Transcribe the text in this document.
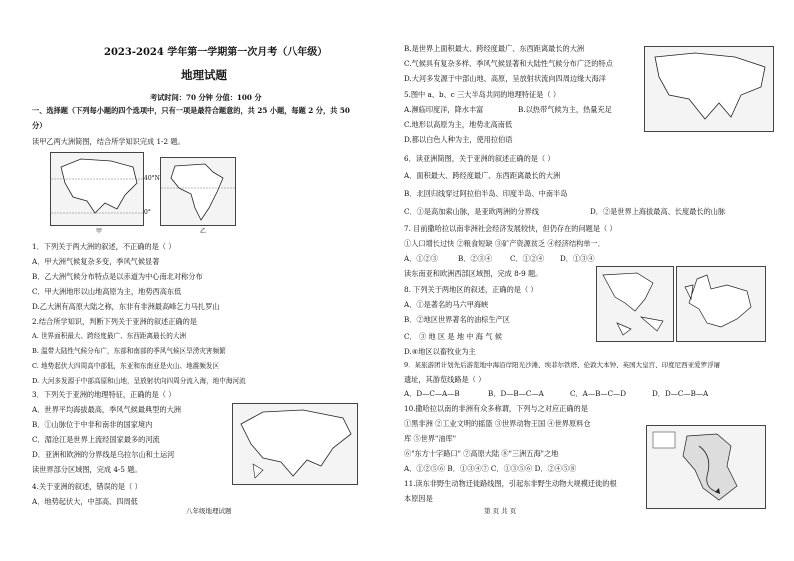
2023-2024 学年第一学期第一次月考（八年级）
地理试题
考试时间：70 分钟 分值：100 分
一、选择题（下列每小题的四个选项中，只有一项是最符合题意的，共 25 小题，每题 2 分，共 50
分）
读甲乙两大洲简图，结合所学知识完成 1-2 题。
40°N
0°
甲	乙
1．下列关于两大洲的叙述，不正确的是（ ）
A．甲大洲气候复杂多变，季风气候显著
B．乙大洲气候分布特点是以赤道为中心南北对称分布
C．甲大洲地形以山地高原为主，地势西高东低
D.乙大洲有高原大陆之称，东非有非洲最高峰乞力马扎罗山
2.结合所学知识，判断下列关于亚洲的叙述正确的是
A. 世界面积最大、跨经度最广、东西距离最长的大洲
B. 温带大陆性气候分布广，东部和南部的季风气候区旱涝灾害频繁
C. 地势起伏大四周高中部低，东亚和东南亚是火山、地震频发区
D. 大河多发源于中部高原和山地，呈放射状向四周分流入海，地中海河流
3．下列关于亚洲的地理特征，正确的是（ ）
A．世界平均海拔最高，季风气候最典型的大洲
B．①山脉位于中非和南非的国家境内
C．湄沧江是世界上流经国家最多的河流
D．亚洲和欧洲的分界线是乌拉尔山和土运河
读世界部分区域图，完成 4-5 题。
4.关于亚洲的叙述，错误的是（ ）
A．地势起伏大，中部高、四周低
八年级地理试题
B.是世界上面积最大、跨经度最广、东西距离最长的大洲
C.气候具有复杂多样、季风气候显著和大陆性气候分布广泛的特点
D.大河多发源于中部山地、高原，呈放射状流向四周边缘大海洋
5.图中 a、b、c 三大半岛共同的地理特征是（ ）
A.濒临印度洋，降水丰富	B.以热带气候为主，热量充足
C.地形以高原为主，地势北高南低
D.都以白色人种为主，使用拉伯语
6．读亚洲简图，关于亚洲的叙述正确的是（ ）
A．面积最大、跨经度最广、东西距离最长的大洲
B．北回归线穿过阿拉伯半岛、印度半岛、中南半岛
C．①是高加索山脉，是亚欧两洲的分界线	D．②是世界上海拔最高、长度最长的山脉
7. 目前撒哈拉以南非洲社会经济发展较快，但仍存在的问题是（ ）
①人口增长过快 ②粮食短缺 ③矿产资源贫乏 ④经济结构单一．
A．①②③	B．②③④ C．①②④ D．①③④
读东南亚和欧洲西部区域图，完成 8-9 题。
8. 下列关于两地区的叙述，正确的是（ ）
A．①是著名的马六甲海峡
B．②地区世界著名的油棕生产区
C． ③ 地 区 是 地 中 海 气 候
D.④地区以畜牧业为主
9．某旅游团计划先后游览地中海沿岸阳光沙滩、埃菲尔铁塔、伦敦大本钟、英国大皇宫、印度尼西亚爱罗浮屠
遗址，其游览线路是（ ）
A．D—C—A—B	B．D—B—C—A	C．A—B—C—D	D．D—C—B—A
10.撒哈拉以南的非洲有众多称谓，下列与之对应正确的是
①黑非洲 ②工业文明的摇篮 ③世界动物王国 ④世界原料仓
库 ⑤世界"油库"
⑥"东方十字路口" ⑦高原大陆 ⑧"三洲五海"之地
A．①②⑤⑥ B．①③④⑦ C．①③⑤⑥ D．②④⑤⑧
11.读东非野生动物迁徙路线图，引起东非野生动物大规模迁徙的根
本原因是
第 页 共 页
